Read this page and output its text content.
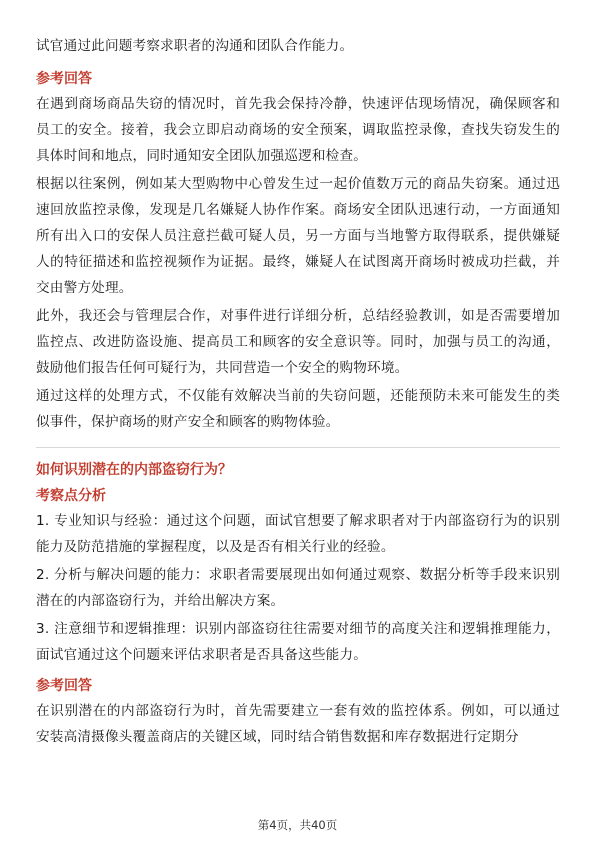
试官通过此问题考察求职者的沟通和团队合作能力。

参考回答

在遇到商场商品失窃的情况时，首先我会保持冷静，快速评估现场情况，确保顾客和员工的安全。接着，我会立即启动商场的安全预案，调取监控录像，查找失窃发生的具体时间和地点，同时通知安全团队加强巡逻和检查。

根据以往案例，例如某大型购物中心曾发生过一起价值数万元的商品失窃案。通过迅速回放监控录像，发现是几名嫌疑人协作作案。商场安全团队迅速行动，一方面通知所有出入口的安保人员注意拦截可疑人员，另一方面与当地警方取得联系，提供嫌疑人的特征描述和监控视频作为证据。最终，嫌疑人在试图离开商场时被成功拦截，并交由警方处理。

此外，我还会与管理层合作，对事件进行详细分析，总结经验教训，如是否需要增加监控点、改进防盗设施、提高员工和顾客的安全意识等。同时，加强与员工的沟通，鼓励他们报告任何可疑行为，共同营造一个安全的购物环境。

通过这样的处理方式，不仅能有效解决当前的失窃问题，还能预防未来可能发生的类似事件，保护商场的财产安全和顾客的购物体验。

如何识别潜在的内部盗窃行为？
考察点分析

1. 专业知识与经验：通过这个问题，面试官想要了解求职者对于内部盗窃行为的识别能力及防范措施的掌握程度，以及是否有相关行业的经验。

2. 分析与解决问题的能力：求职者需要展现出如何通过观察、数据分析等手段来识别潜在的内部盗窃行为，并给出解决方案。

3. 注意细节和逻辑推理：识别内部盗窃往往需要对细节的高度关注和逻辑推理能力，面试官通过这个问题来评估求职者是否具备这些能力。

参考回答

在识别潜在的内部盗窃行为时，首先需要建立一套有效的监控体系。例如，可以通过安装高清摄像头覆盖商店的关键区域，同时结合销售数据和库存数据进行定期分

第4页，共40页
